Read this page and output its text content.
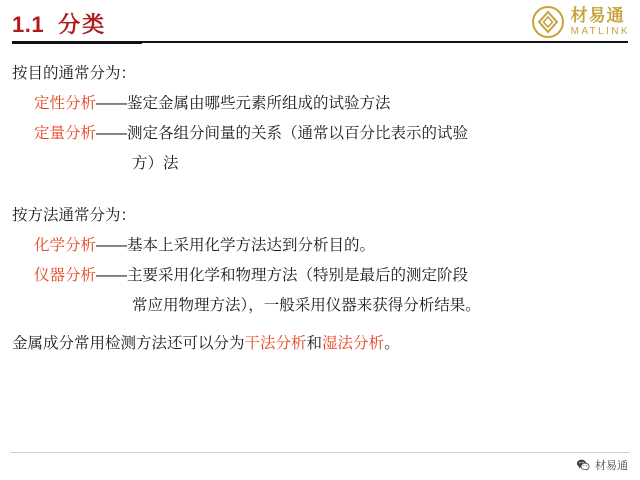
1.1 分类	材易通
MATLINK

按目的通常分为：

定性分析——鉴定金属由哪些元素所组成的试验方法

定量分析——测定各组分间量的关系（通常以百分比表示的试验

方）法

按方法通常分为：

化学分析——基本上采用化学方法达到分析目的。

仪器分析——主要采用化学和物理方法（特别是最后的测定阶段

常应用物理方法），一般采用仪器来获得分析结果。

金属成分常用检测方法还可以分为干法分析和湿法分析。

材易通
